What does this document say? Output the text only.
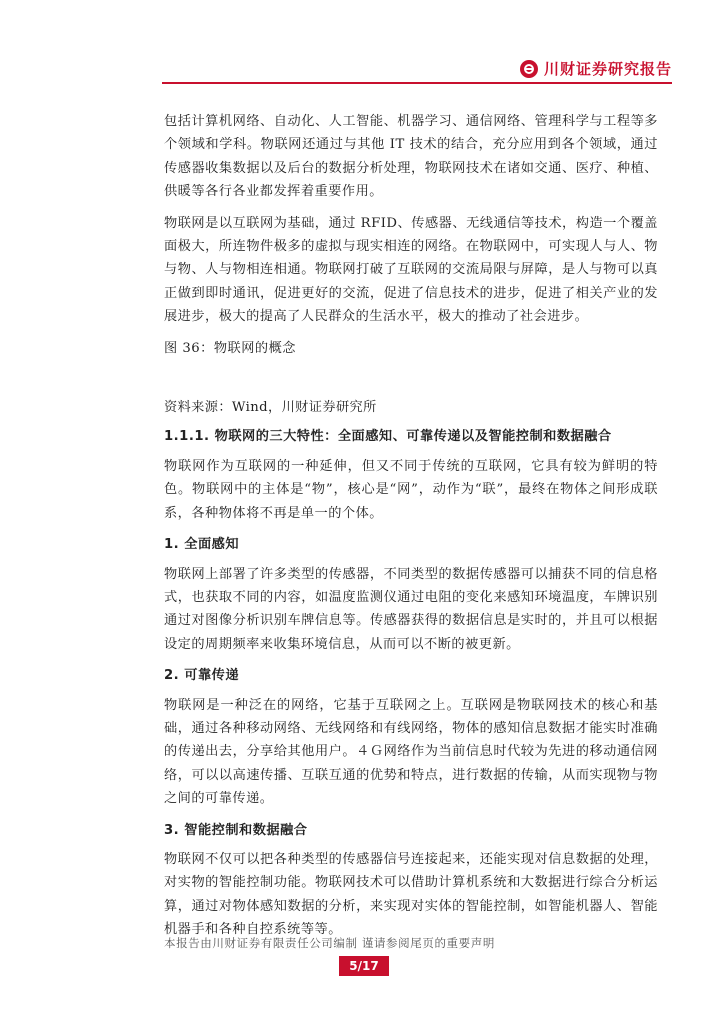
川财证券研究报告

包括计算机网络、自动化、人工智能、机器学习、通信网络、管理科学与工程等多个领域和学科。物联网还通过与其他 IT 技术的结合，充分应用到各个领域，通过传感器收集数据以及后台的数据分析处理，物联网技术在诸如交通、医疗、种植、供暖等各行各业都发挥着重要作用。

物联网是以互联网为基础，通过 RFID、传感器、无线通信等技术，构造一个覆盖面极大，所连物件极多的虚拟与现实相连的网络。在物联网中，可实现人与人、物与物、人与物相连相通。物联网打破了互联网的交流局限与屏障，是人与物可以真正做到即时通讯，促进更好的交流，促进了信息技术的进步，促进了相关产业的发展进步，极大的提高了人民群众的生活水平，极大的推动了社会进步。

图 36：物联网的概念
资料来源：Wind，川财证券研究所
1.1.1. 物联网的三大特性：全面感知、可靠传递以及智能控制和数据融合

物联网作为互联网的一种延伸，但又不同于传统的互联网，它具有较为鲜明的特色。物联网中的主体是“物”，核心是“网”，动作为“联”，最终在物体之间形成联系，各种物体将不再是单一的个体。

1. 全面感知

物联网上部署了许多类型的传感器，不同类型的数据传感器可以捕获不同的信息格式，也获取不同的内容，如温度监测仪通过电阻的变化来感知环境温度，车牌识别通过对图像分析识别车牌信息等。传感器获得的数据信息是实时的，并且可以根据设定的周期频率来收集环境信息，从而可以不断的被更新。

2. 可靠传递

物联网是一种泛在的网络，它基于互联网之上。互联网是物联网技术的核心和基础，通过各种移动网络、无线网络和有线网络，物体的感知信息数据才能实时准确的传递出去，分享给其他用户。４Ｇ网络作为当前信息时代较为先进的移动通信网络，可以以高速传播、互联互通的优势和特点，进行数据的传输，从而实现物与物之间的可靠传递。

3. 智能控制和数据融合

物联网不仅可以把各种类型的传感器信号连接起来，还能实现对信息数据的处理，对实物的智能控制功能。物联网技术可以借助计算机系统和大数据进行综合分析运算，通过对物体感知数据的分析，来实现对实体的智能控制，如智能机器人、智能机器手和各种自控系统等等。

本报告由川财证券有限责任公司编制 谨请参阅尾页的重要声明
5/17
